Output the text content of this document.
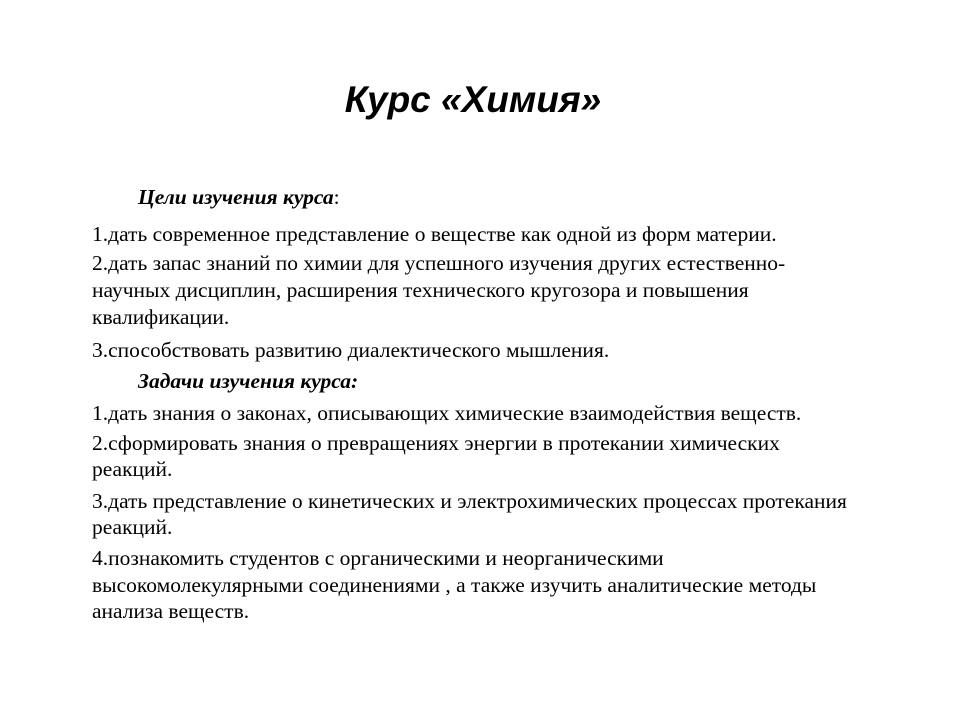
Курс «Химия»
Цели изучения курса:
1.дать современное представление о веществе как одной из форм материи.
2.дать запас знаний по химии для успешного изучения других естественно-
научных дисциплин, расширения технического кругозора и повышения
квалификации.
3.способствовать развитию диалектического мышления.
Задачи изучения курса:
1.дать знания о законах, описывающих химические взаимодействия веществ.
2.сформировать знания о превращениях энергии в протекании химических
реакций.
3.дать представление о кинетических и электрохимических процессах протекания
реакций.
4.познакомить студентов с органическими и неорганическими
высокомолекулярными соединениями , а также изучить аналитические методы
анализа веществ.
